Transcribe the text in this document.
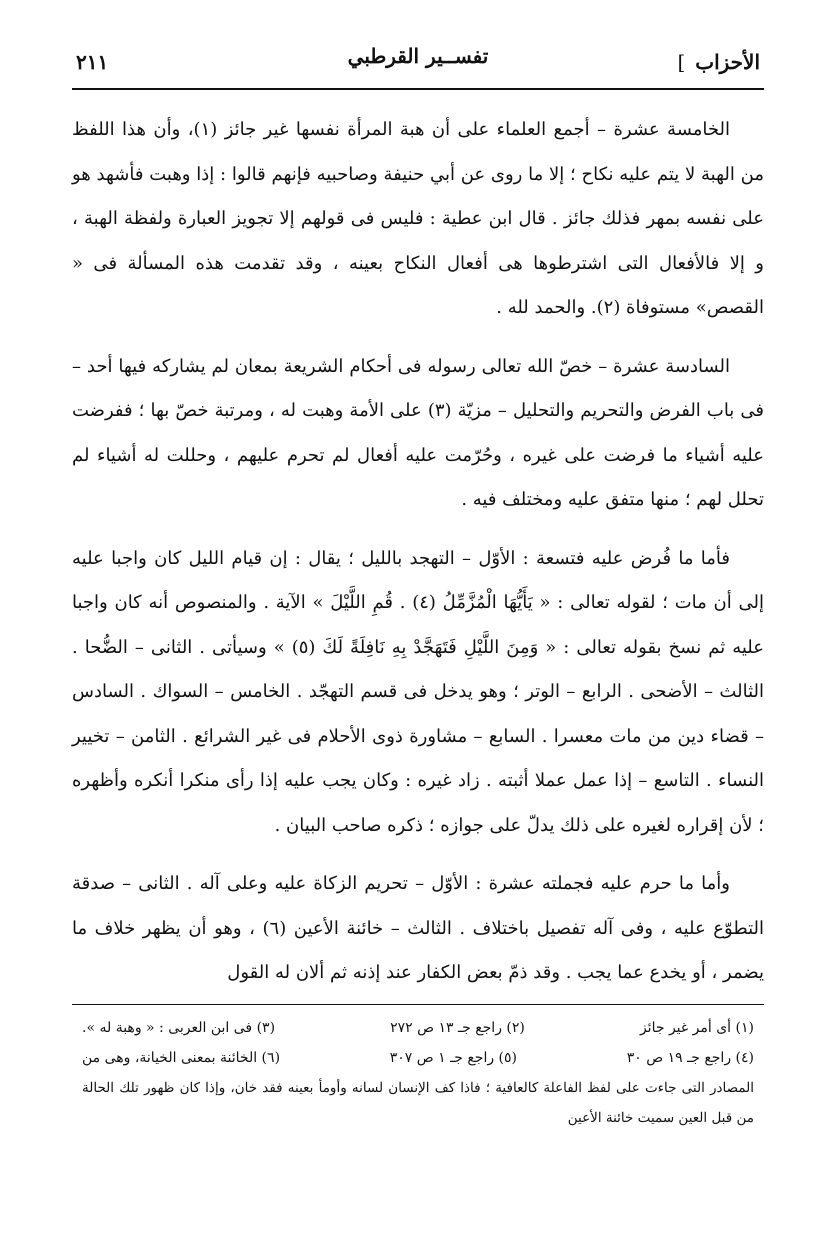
الأحزاب]
تفســير القرطبي
٢١١

الخامسة عشرة – أجمع العلماء على أن هبة المرأة نفسها غير جائز (١)، وأن هذا اللفظ من الهبة لا يتم عليه نكاح ؛ إلا ما روى عن أبي حنيفة وصاحبيه فإنهم قالوا : إذا وهبت فأشهد هو على نفسه بمهر فذلك جائز . قال ابن عطية : فليس فى قولهم إلا تجويز العبارة ولفظة الهبة ، و إلا فالأفعال التى اشترطوها هى أفعال النكاح بعينه ، وقد تقدمت هذه المسألة فى « القصص» مستوفاة (٢). والحمد لله .

السادسة عشرة – خصّ الله تعالى رسوله فى أحكام الشريعة بمعان لم يشاركه فيها أحد – فى باب الفرض والتحريم والتحليل – مزيّة (٣) على الأمة وهبت له ، ومرتبة خصّ بها ؛ ففرضت عليه أشياء ما فرضت على غيره ، وحُرّمت عليه أفعال لم تحرم عليهم ، وحللت له أشياء لم تحلل لهم ؛ منها متفق عليه ومختلف فيه .

فأما ما فُرض عليه فتسعة : الأوّل – التهجد بالليل ؛ يقال : إن قيام الليل كان واجبا عليه إلى أن مات ؛ لقوله تعالى : « يَأَيُّهَا الْمُزَّمِّلُ (٤) . قُمِ اللَّيْلَ » الآية . والمنصوص أنه كان واجبا عليه ثم نسخ بقوله تعالى : « وَمِنَ اللَّيْلِ فَتَهَجَّدْ بِهِ نَافِلَةً لَكَ (٥) » وسيأتى . الثانى – الضُّحا . الثالث – الأضحى . الرابع – الوتر ؛ وهو يدخل فى قسم التهجّد . الخامس – السواك . السادس – قضاء دين من مات معسرا . السابع – مشاورة ذوى الأحلام فى غير الشرائع . الثامن – تخيير النساء . التاسع – إذا عمل عملا أثبته . زاد غيره : وكان يجب عليه إذا رأى منكرا أنكره وأظهره ؛ لأن إقراره لغيره على ذلك يدلّ على جوازه ؛ ذكره صاحب البيان .

وأما ما حرم عليه فجملته عشرة : الأوّل – تحريم الزكاة عليه وعلى آله . الثانى – صدقة التطوّع عليه ، وفى آله تفصيل باختلاف . الثالث – خائنة الأعين (٦) ، وهو أن يظهر خلاف ما يضمر ، أو يخدع عما يجب . وقد ذمّ بعض الكفار عند إذنه ثم ألان له القول

(١) أى أمر غير جائز
(٢) راجع جـ ١٣ ص ٢٧٢
(٣) فى ابن العربى : « وهبة له ».
(٤) راجع جـ ١٩ ص ٣٠
(٥) راجع جـ ١ ص ٣٠٧
(٦) الخائنة بمعنى الخيانة، وهى من
المصادر التى جاءت على لفظ الفاعلة كالعافية ؛ فاذا كف الإنسان لسانه وأومأ بعينه فقد خان، وإذا كان ظهور تلك الحالة من قبل العين سميت خائنة الأعين
